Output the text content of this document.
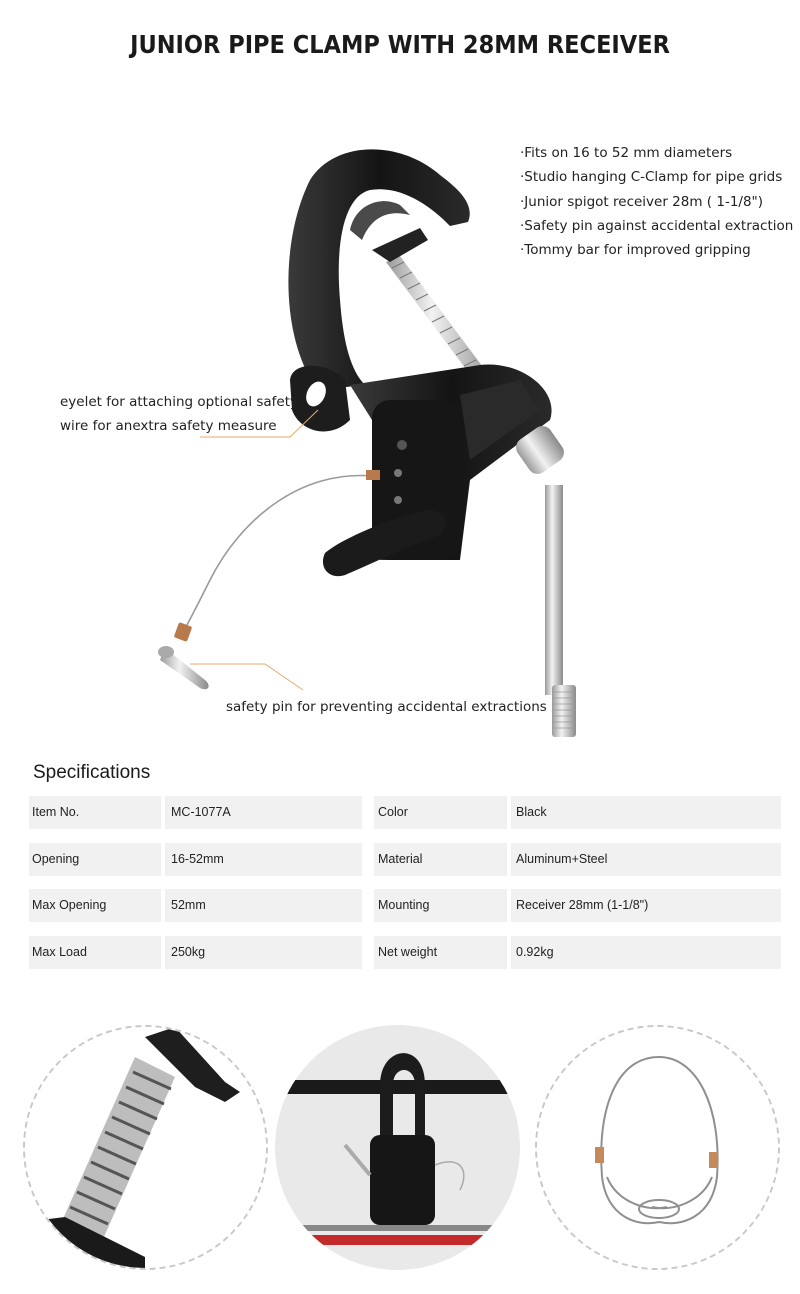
JUNIOR PIPE CLAMP WITH 28MM RECEIVER
·Fits on 16 to 52 mm diameters
·Studio hanging C-Clamp for pipe grids
·Junior spigot receiver 28m ( 1-1/8")
·Safety pin against accidental extraction
·Tommy bar for improved gripping
eyelet for attaching optional safety
wire for anextra safety measure
safety pin for preventing accidental extractions
Specifications
Item No.	MC-1077A	Color	Black
Opening	16-52mm	Material	Aluminum+Steel
Max Opening	52mm	Mounting	Receiver 28mm (1-1/8")
Max Load	250kg	Net weight	0.92kg
